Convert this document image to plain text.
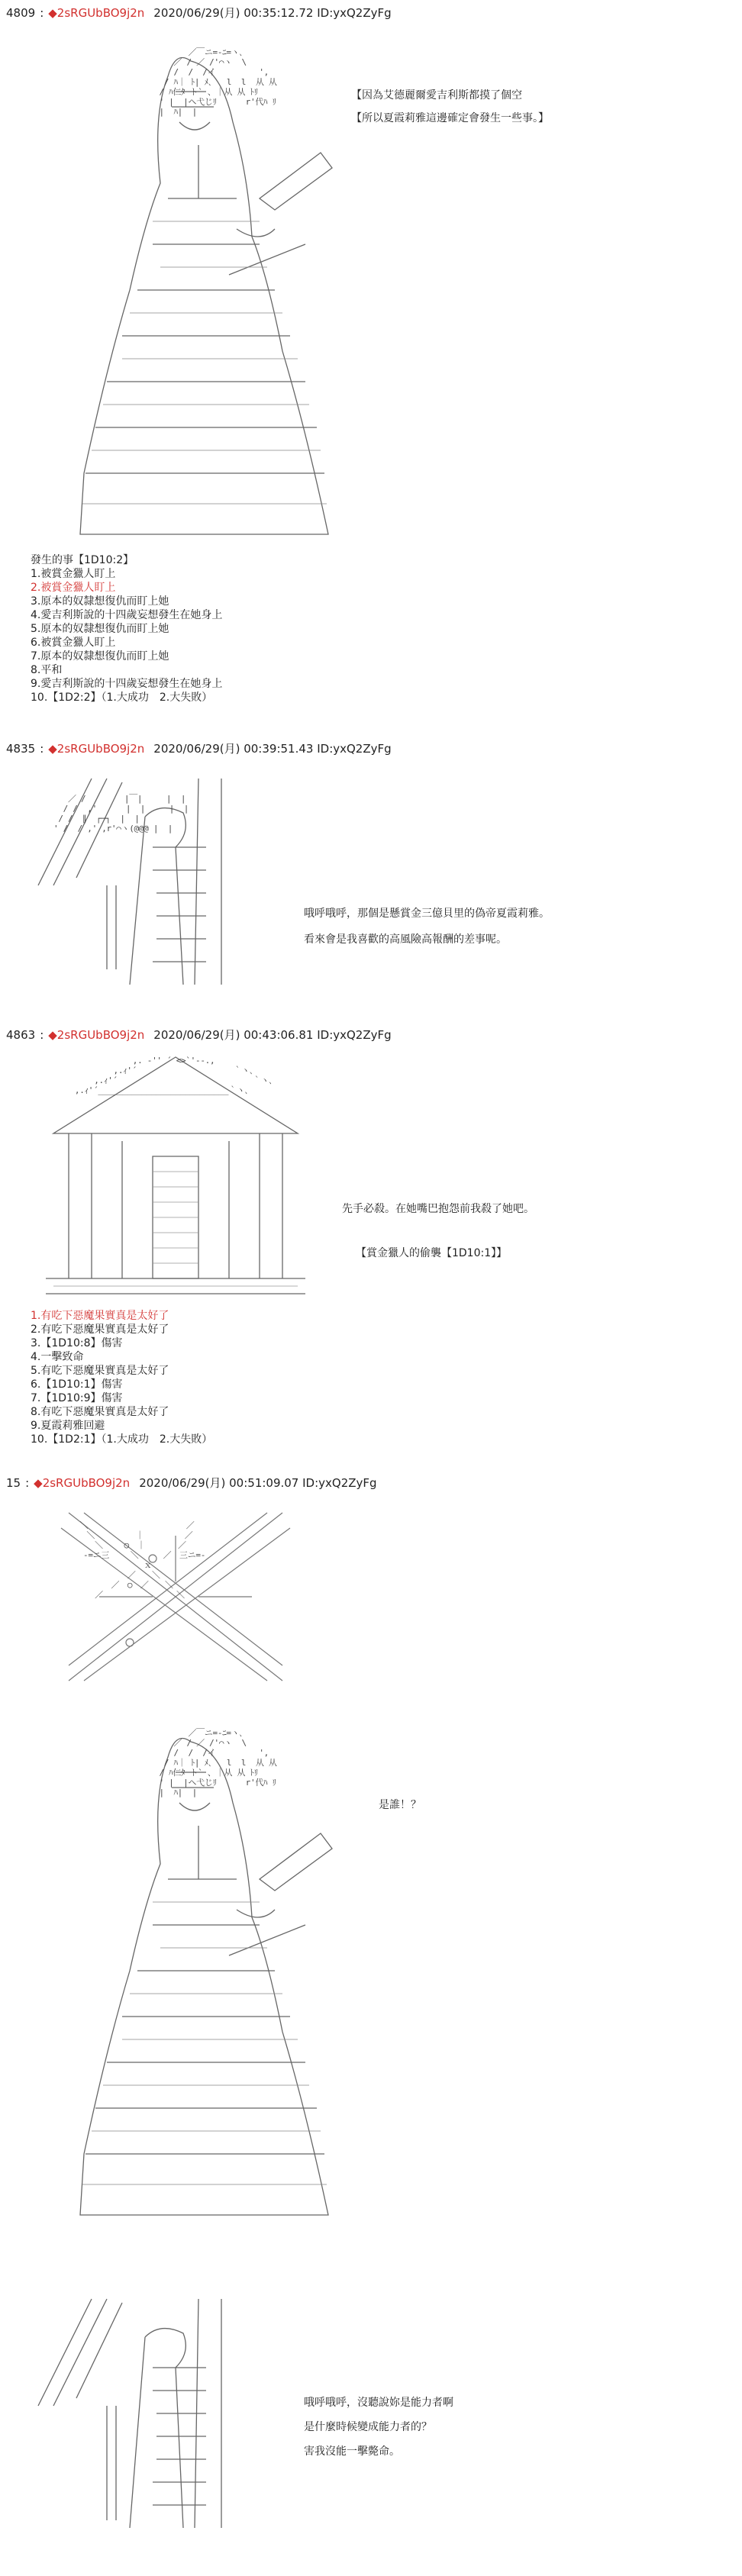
4809 : ◆2sRGUbBO9j2n 2020/06/29(月) 00:35:12.72 ID:yxQ2ZyFg
／￣ニ=-ﾆ=ヽ､
／ / ／ /'⌒ヽ  \
/  /  /イ         ',
/ ﾊ｜ ﾄ| ﾒ､   l  l  从 从
/ ﾊ仁ﾀ ト` 、｜从 从 ﾄﾘ
' |  |ヘ弋じﾘ      r'代ﾊ ﾘ
|  ﾊ|  |
【因為艾德麗爾愛吉利斯都摸了個空
【所以夏霞莉雅這邊確定會發生一些事。】
發生的事【1D10:2】
1.被賞金獵人盯上
2.被賞金獵人盯上
3.原本的奴隸想復仇而盯上她
4.愛吉利斯說的十四歲妄想發生在她身上
5.原本的奴隸想復仇而盯上她
6.被賞金獵人盯上
7.原本的奴隸想復仇而盯上她
8.平和
9.愛吉利斯說的十四歲妄想發生在她身上
10.【1D2:2】（1.大成功　2.大失敗）
4835 : ◆2sRGUbBO9j2n 2020/06/29(月) 00:39:51.43 ID:yxQ2ZyFg
／ /        |￣|     |  |
/ /  ,'      |  |     |  |
/ /  ∥  ┌─┐  |  |
' /  / ,' ,r'⌒ヽ(@@@ |  |
哦呼哦呼，那個是懸賞金三億貝里的偽帝夏霞莉雅。
看來會是我喜歡的高風險高報酬的差事呢。
4863 : ◆2sRGUbBO9j2n 2020/06/29(月) 00:43:06.81 ID:yxQ2ZyFg
,. ‐'' ´ <>`'‐-.,
,.ｨ'´                    ｀ヽ､
,.ｨ'´                            ｀ヽ､
,.ｨ'´___________________________｀ヽ､
先手必殺。在她嘴巴抱怨前我殺了她吧。
【賞金獵人的偷襲【1D10:1】】
1.有吃下惡魔果實真是太好了
2.有吃下惡魔果實真是太好了
3.【1D10:8】傷害
4.一擊致命
5.有吃下惡魔果實真是太好了
6.【1D10:1】傷害
7.【1D10:9】傷害
8.有吃下惡魔果實真是太好了
9.夏霞莉雅回避
10.【1D2:1】（1.大成功　2.大失敗）
15 : ◆2sRGUbBO9j2n 2020/06/29(月) 00:51:09.07 ID:yxQ2ZyFg
＼　　　　　　　　　　　　／
　　＼　　　　　｜　　　　　／
　　　＼　　 ○　｜　　　　／
　 -=ニ三　　 ＼　　　／　三ニ=-
　　　　　　　　　ｘ
　　　　　　　／　　＼
　　　　　／　○　／　　＼
　　　／　　　　　　　　　＼
／￣ニ=-ﾆ=ヽ､
／ / ／ /'⌒ヽ  \
/  /  /イ         ',
/ ﾊ｜ ﾄ| ﾒ､   l  l  从 从
/ ﾊ仁ﾀ ト` 、｜从 从 ﾄﾘ
' |  |ヘ弋じﾘ      r'代ﾊ ﾘ
|  ﾊ|  |
是誰！？
哦呼哦呼，沒聽說妳是能力者啊
是什麼時候變成能力者的？
害我沒能一擊斃命。
